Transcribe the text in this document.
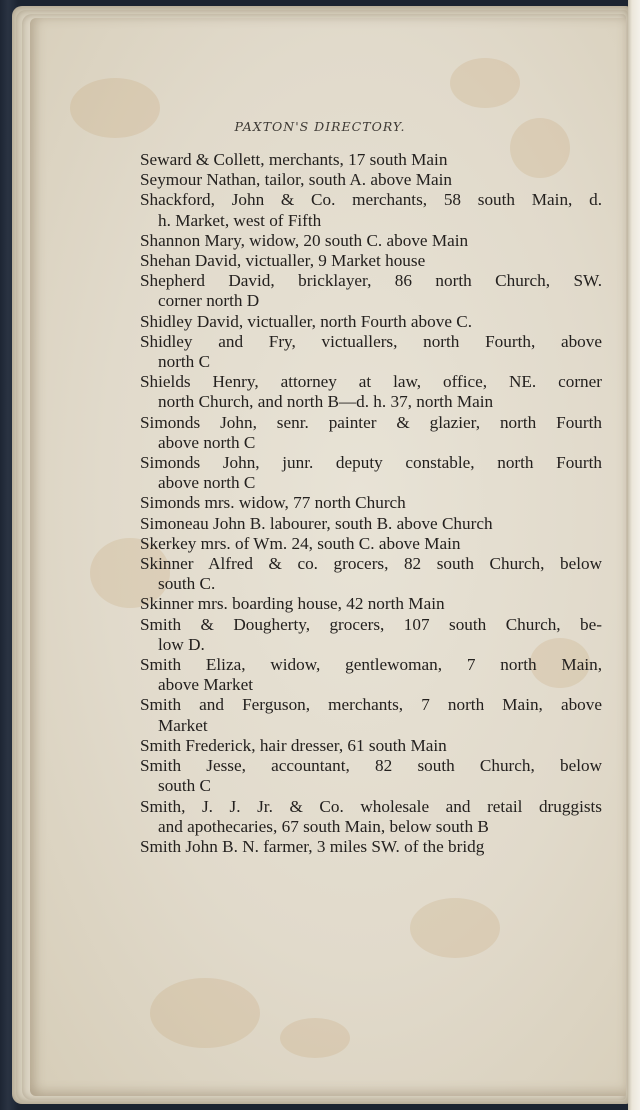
PAXTON'S DIRECTORY.
Seward & Collett, merchants, 17 south Main
Seymour Nathan, tailor, south A. above Main
Shackford, John & Co. merchants, 58 south Main, d.
h. Market, west of Fifth
Shannon Mary, widow, 20 south C. above Main
Shehan David, victualler, 9 Market house
Shepherd David, bricklayer, 86 north Church, SW.
corner north D
Shidley David, victualler, north Fourth above C.
Shidley and Fry, victuallers, north Fourth, above
north C
Shields Henry, attorney at law, office, NE. corner
north Church, and north B—d. h. 37, north Main
Simonds John, senr. painter & glazier, north Fourth
above north C
Simonds John, junr. deputy constable, north Fourth
above north C
Simonds mrs. widow, 77 north Church
Simoneau John B. labourer, south B. above Church
Skerkey mrs. of Wm. 24, south C. above Main
Skinner Alfred & co. grocers, 82 south Church, below
south C.
Skinner mrs. boarding house, 42 north Main
Smith & Dougherty, grocers, 107 south Church, be-
low D.
Smith Eliza, widow, gentlewoman, 7 north Main,
above Market
Smith and Ferguson, merchants, 7 north Main, above
Market
Smith Frederick, hair dresser, 61 south Main
Smith Jesse, accountant, 82 south Church, below
south C
Smith, J. J. Jr. & Co. wholesale and retail druggists
and apothecaries, 67 south Main, below south B
Smith John B. N. farmer, 3 miles SW. of the bridg
